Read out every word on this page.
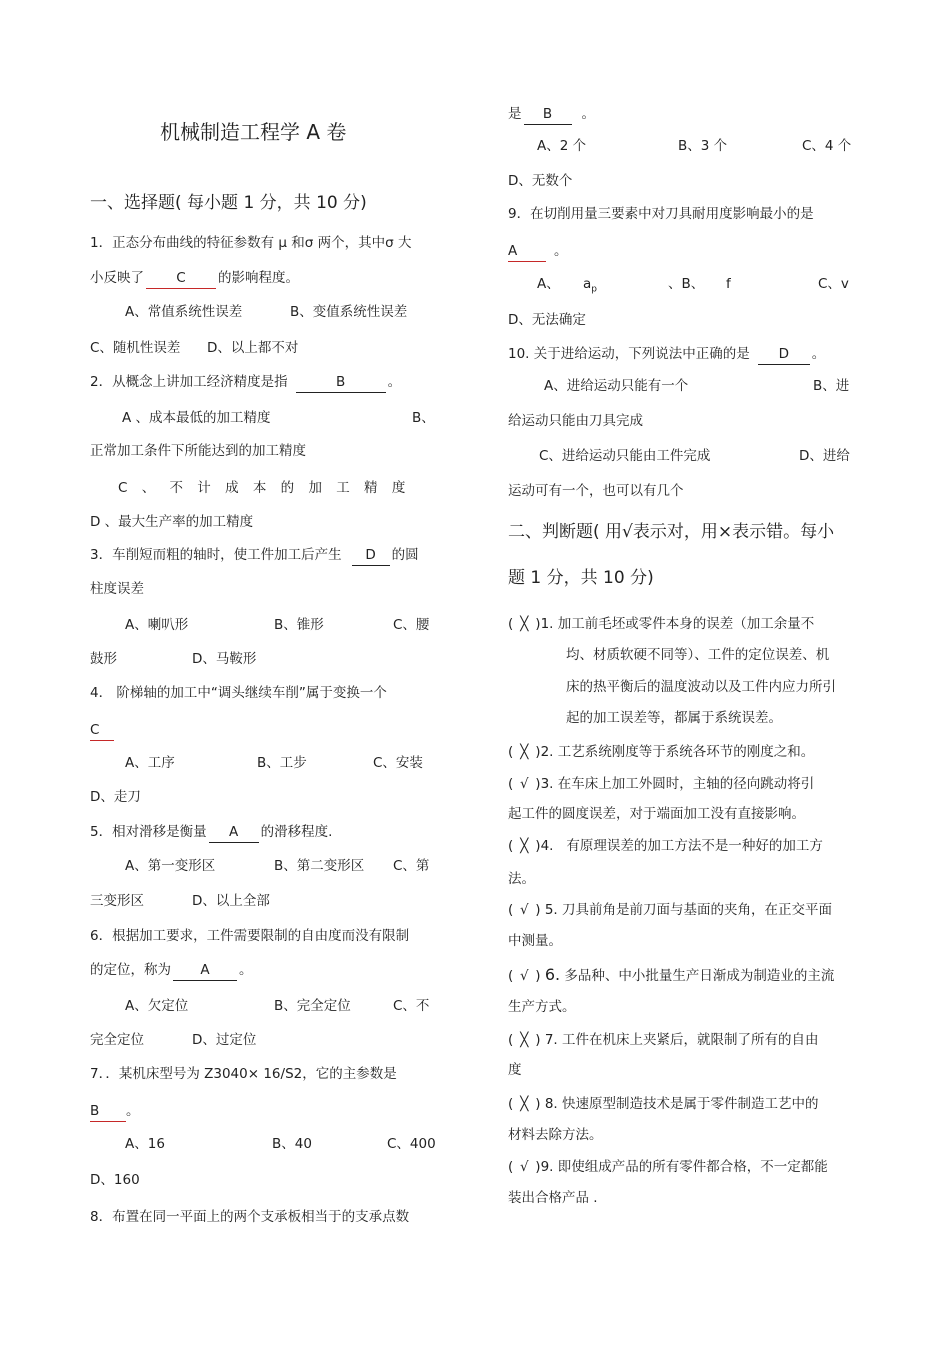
机械制造工程学 A 卷
一、选择题( 每小题 1 分，共 10 分)
1．正态分布曲线的特征参数有 μ 和σ 两个，其中σ 大
小反映了 C 的影响程度。
A、常值系统性误差	B、变值系统性误差
C、随机性误差 D、以上都不对
2．从概念上讲加工经济精度是指	B	。
A 、成本最低的加工精度	B、
正常加工条件下所能达到的加工精度
C 、 不 计 成 本 的 加 工 精 度
D 、最大生产率的加工精度
3．车削短而粗的轴时，使工件加工后产生 D 的圆
柱度误差
A、喇叭形	B、锥形	C、腰
鼓形	D、马鞍形
4． 阶梯轴的加工中“调头继续车削”属于变换一个
C
A、工序	B、工步	C、安装
D、走刀
5．相对滑移是衡量 A 的滑移程度.
A、第一变形区	B、第二变形区 C、第
三变形区	D、以上全部
6．根据加工要求，工件需要限制的自由度而没有限制
的定位，称为 A 。
A、欠定位	B、完全定位	C、不
完全定位	D、过定位
7．．某机床型号为 Z3040× 16/S2，它的主参数是
B 。
A、16	B、40	C、400
D、160
8．布置在同一平面上的两个支承板相当于的支承点数
是 B 。
A、2 个	B、3 个	C、4 个
D、无数个
9．在切削用量三要素中对刀具耐用度影响最小的是
A	。
A、 $a_p$	、B、 f	C、v
D、无法确定
10. 关于进给运动，下列说法中正确的是 D 。
A、进给运动只能有一个	B、进
给运动只能由刀具完成
C、进给运动只能由工件完成	D、进给
运动可有一个，也可以有几个
二、判断题( 用√表示对，用×表示错。每小
题 1 分，共 10 分)
( ╳ )1. 加工前毛坯或零件本身的误差（加工余量不
均、材质软硬不同等）、工件的定位误差、机
床的热平衡后的温度波动以及工件内应力所引
起的加工误差等，都属于系统误差。
( ╳ )2. 工艺系统刚度等于系统各环节的刚度之和。
( √ )3. 在车床上加工外圆时，主轴的径向跳动将引
起工件的圆度误差，对于端面加工没有直接影响。
( ╳ )4. 有原理误差的加工方法不是一种好的加工方
法。
( √ ) 5. 刀具前角是前刀面与基面的夹角，在正交平面
中测量。
( √ ) 6. 多品种、中小批量生产日渐成为制造业的主流
生产方式。
( ╳ ) 7. 工件在机床上夹紧后，就限制了所有的自由
度
( ╳ ) 8. 快速原型制造技术是属于零件制造工艺中的
材料去除方法。
( √ )9. 即使组成产品的所有零件都合格，不一定都能
装出合格产品 .
